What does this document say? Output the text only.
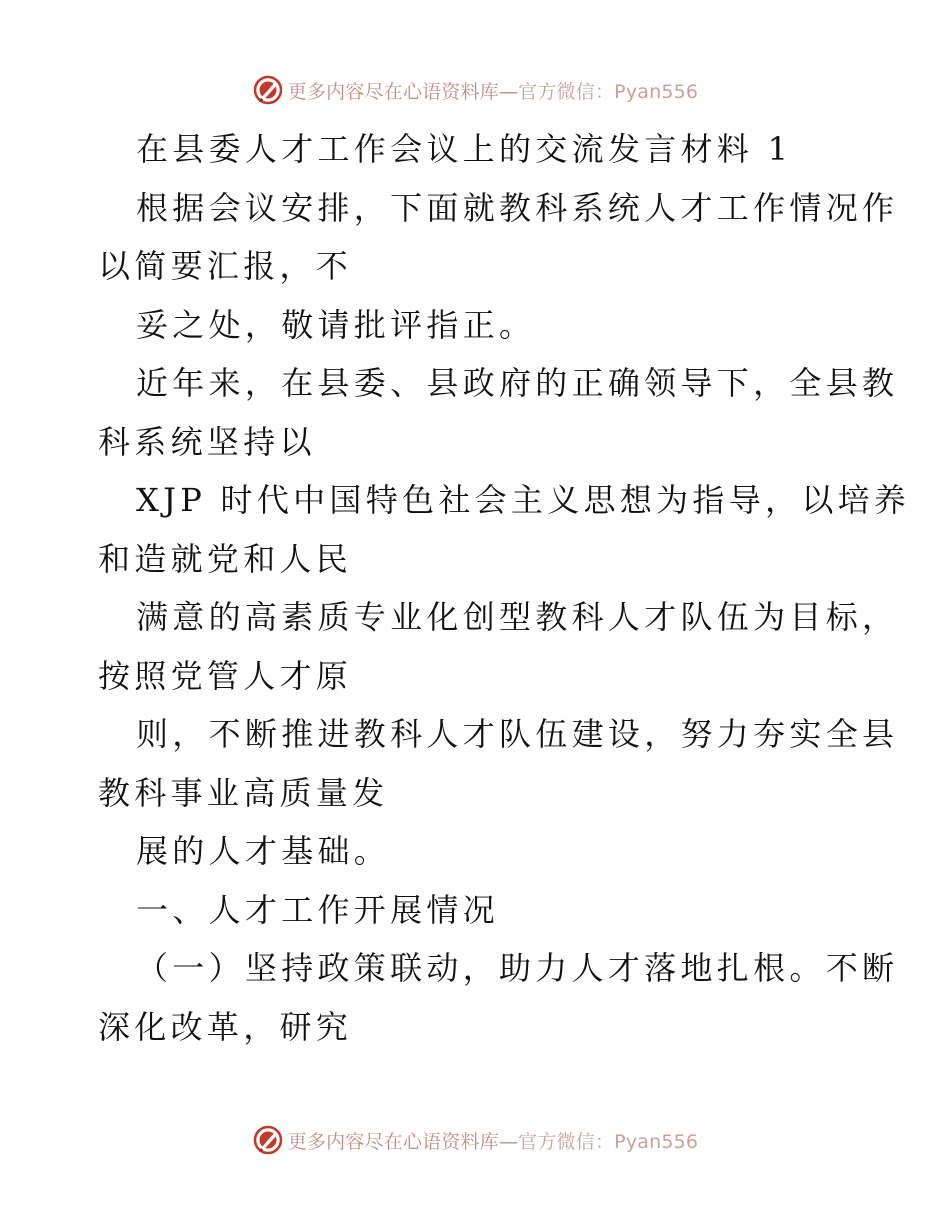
更多内容尽在心语资料库—官方微信：Pyan556
在县委人才工作会议上的交流发言材料 1
根据会议安排，下面就教科系统人才工作情况作
以简要汇报，不
妥之处，敬请批评指正。
近年来，在县委、县政府的正确领导下，全县教
科系统坚持以
XJP 时代中国特色社会主义思想为指导，以培养
和造就党和人民
满意的高素质专业化创型教科人才队伍为目标，
按照党管人才原
则，不断推进教科人才队伍建设，努力夯实全县
教科事业高质量发
展的人才基础。
一、人才工作开展情况
（一）坚持政策联动，助力人才落地扎根。不断
深化改革，研究
更多内容尽在心语资料库—官方微信：Pyan556
